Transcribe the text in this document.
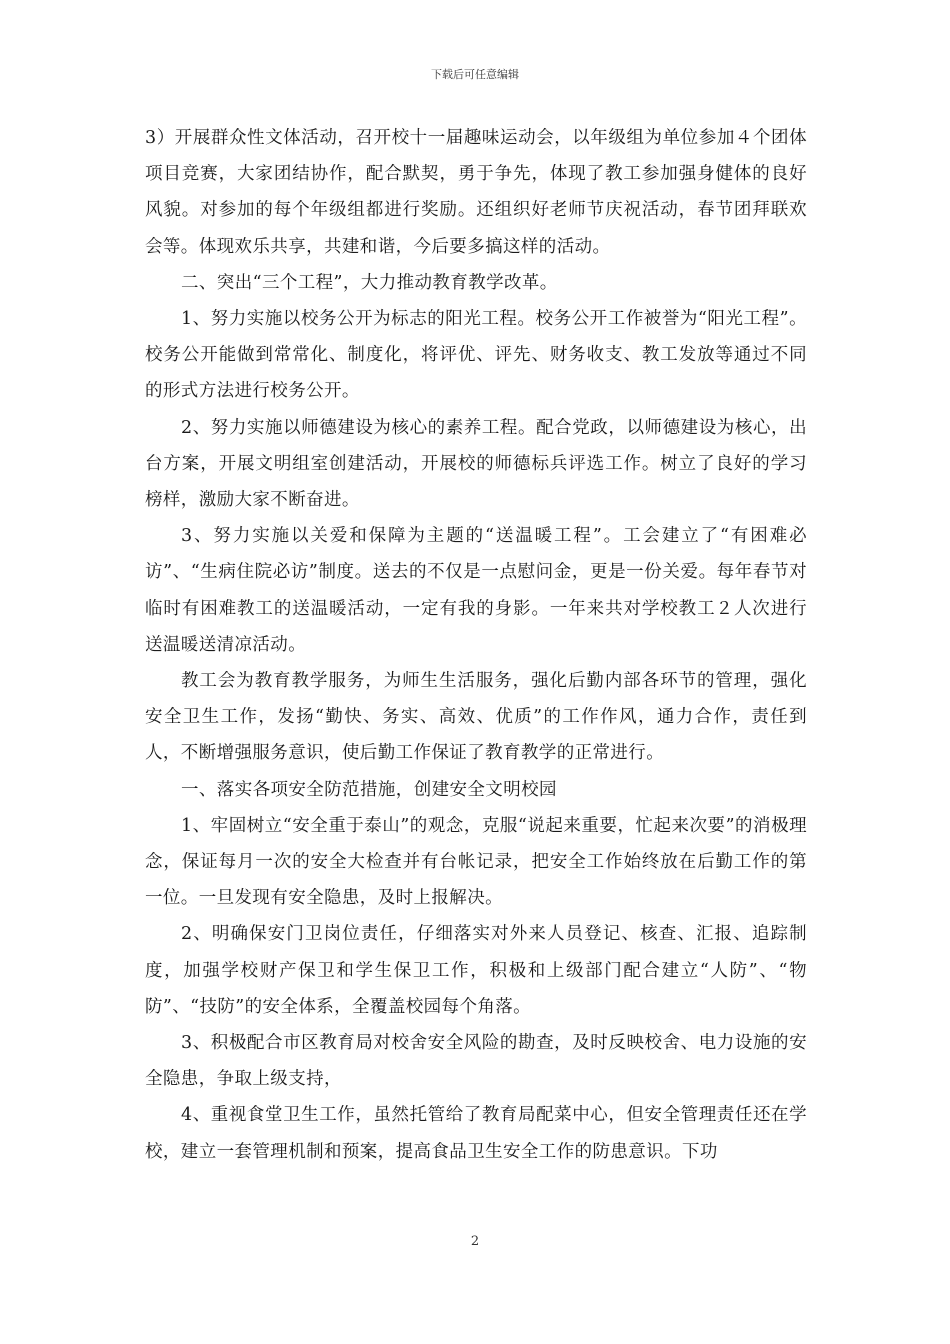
下载后可任意编辑

3）开展群众性文体活动，召开校十一届趣味运动会，以年级组为单位参加４个团体项目竞赛，大家团结协作，配合默契，勇于争先，体现了教工参加强身健体的良好风貌。对参加的每个年级组都进行奖励。还组织好老师节庆祝活动，春节团拜联欢会等。体现欢乐共享，共建和谐，今后要多搞这样的活动。

二、突出“三个工程”，大力推动教育教学改革。

1、努力实施以校务公开为标志的阳光工程。校务公开工作被誉为“阳光工程”。校务公开能做到常常化、制度化，将评优、评先、财务收支、教工发放等通过不同的形式方法进行校务公开。

2、努力实施以师德建设为核心的素养工程。配合党政，以师德建设为核心，出台方案，开展文明组室创建活动，开展校的师德标兵评选工作。树立了良好的学习榜样，激励大家不断奋进。

3、努力实施以关爱和保障为主题的“送温暖工程”。工会建立了“有困难必访”、“生病住院必访”制度。送去的不仅是一点慰问金，更是一份关爱。每年春节对临时有困难教工的送温暖活动，一定有我的身影。一年来共对学校教工２人次进行送温暖送清凉活动。

教工会为教育教学服务，为师生生活服务，强化后勤内部各环节的管理，强化安全卫生工作，发扬“勤快、务实、高效、优质”的工作作风，通力合作，责任到人，不断增强服务意识，使后勤工作保证了教育教学的正常进行。

一、落实各项安全防范措施，创建安全文明校园

1、牢固树立“安全重于泰山”的观念，克服“说起来重要，忙起来次要”的消极理念，保证每月一次的安全大检查并有台帐记录，把安全工作始终放在后勤工作的第一位。一旦发现有安全隐患，及时上报解决。

2、明确保安门卫岗位责任，仔细落实对外来人员登记、核查、汇报、追踪制度，加强学校财产保卫和学生保卫工作，积极和上级部门配合建立“人防”、“物防”、“技防”的安全体系，全覆盖校园每个角落。

3、积极配合市区教育局对校舍安全风险的勘查，及时反映校舍、电力设施的安全隐患，争取上级支持，

4、重视食堂卫生工作，虽然托管给了教育局配菜中心，但安全管理责任还在学校，建立一套管理机制和预案，提高食品卫生安全工作的防患意识。下功

2
